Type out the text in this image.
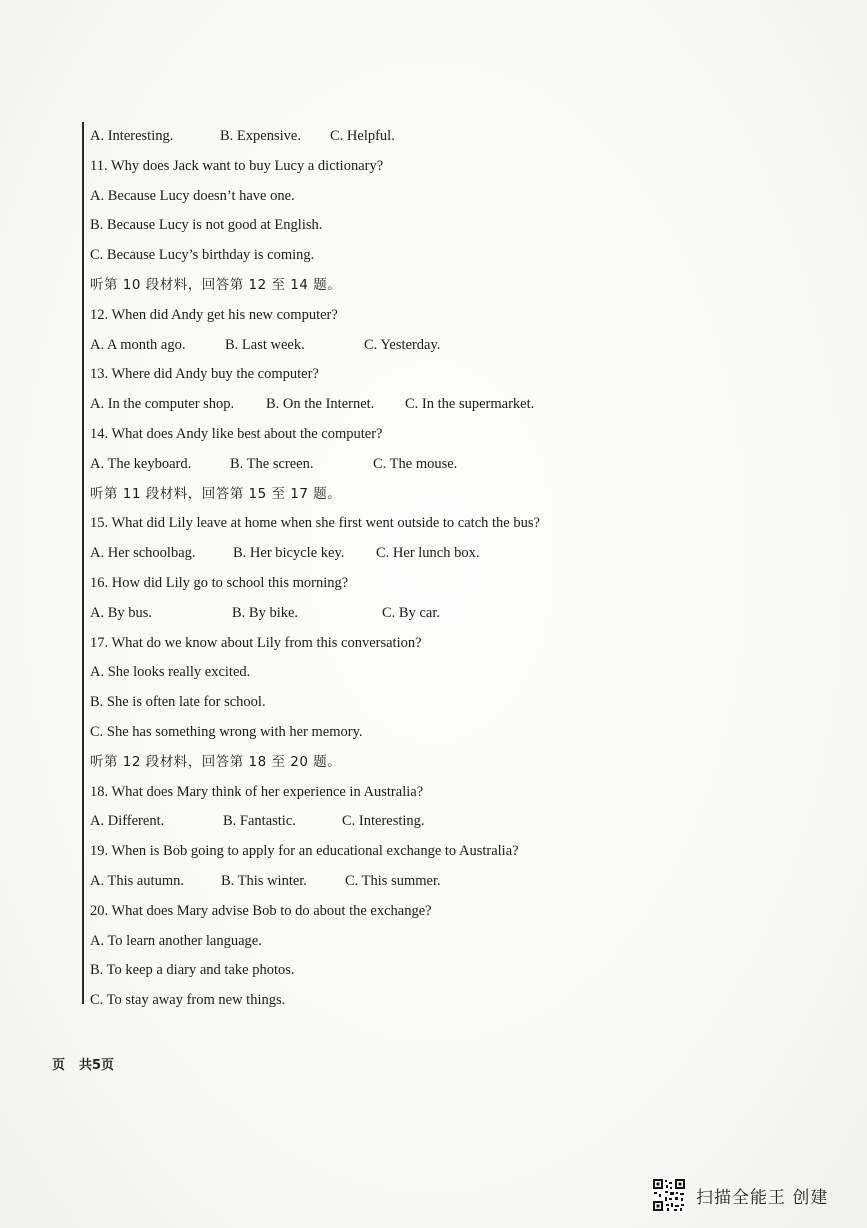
A. Interesting.	B. Expensive. C. Helpful.
11. Why does Jack want to buy Lucy a dictionary?
A. Because Lucy doesn’t have one.
B. Because Lucy is not good at English.
C. Because Lucy’s birthday is coming.
听第 10 段材料，回答第 12 至 14 题。
12. When did Andy get his new computer?
A. A month ago.	B. Last week.	C. Yesterday.
13. Where did Andy buy the computer?
A. In the computer shop. B. On the Internet. C. In the supermarket.
14. What does Andy like best about the computer?
A. The keyboard.	B. The screen.	C. The mouse.
听第 11 段材料，回答第 15 至 17 题。
15. What did Lily leave at home when she first went outside to catch the bus?
A. Her schoolbag.	B. Her bicycle key. C. Her lunch box.
16. How did Lily go to school this morning?
A. By bus.	B. By bike.	C. By car.
17. What do we know about Lily from this conversation?
A. She looks really excited.
B. She is often late for school.
C. She has something wrong with her memory.
听第 12 段材料，回答第 18 至 20 题。
18. What does Mary think of her experience in Australia?
A. Different.	B. Fantastic.	C. Interesting.
19. When is Bob going to apply for an educational exchange to Australia?
A. This autumn.	B. This winter.	C. This summer.
20. What does Mary advise Bob to do about the exchange?
A. To learn another language.
B. To keep a diary and take photos.
C. To stay away from new things.
页 共5页
扫描全能王 创建
